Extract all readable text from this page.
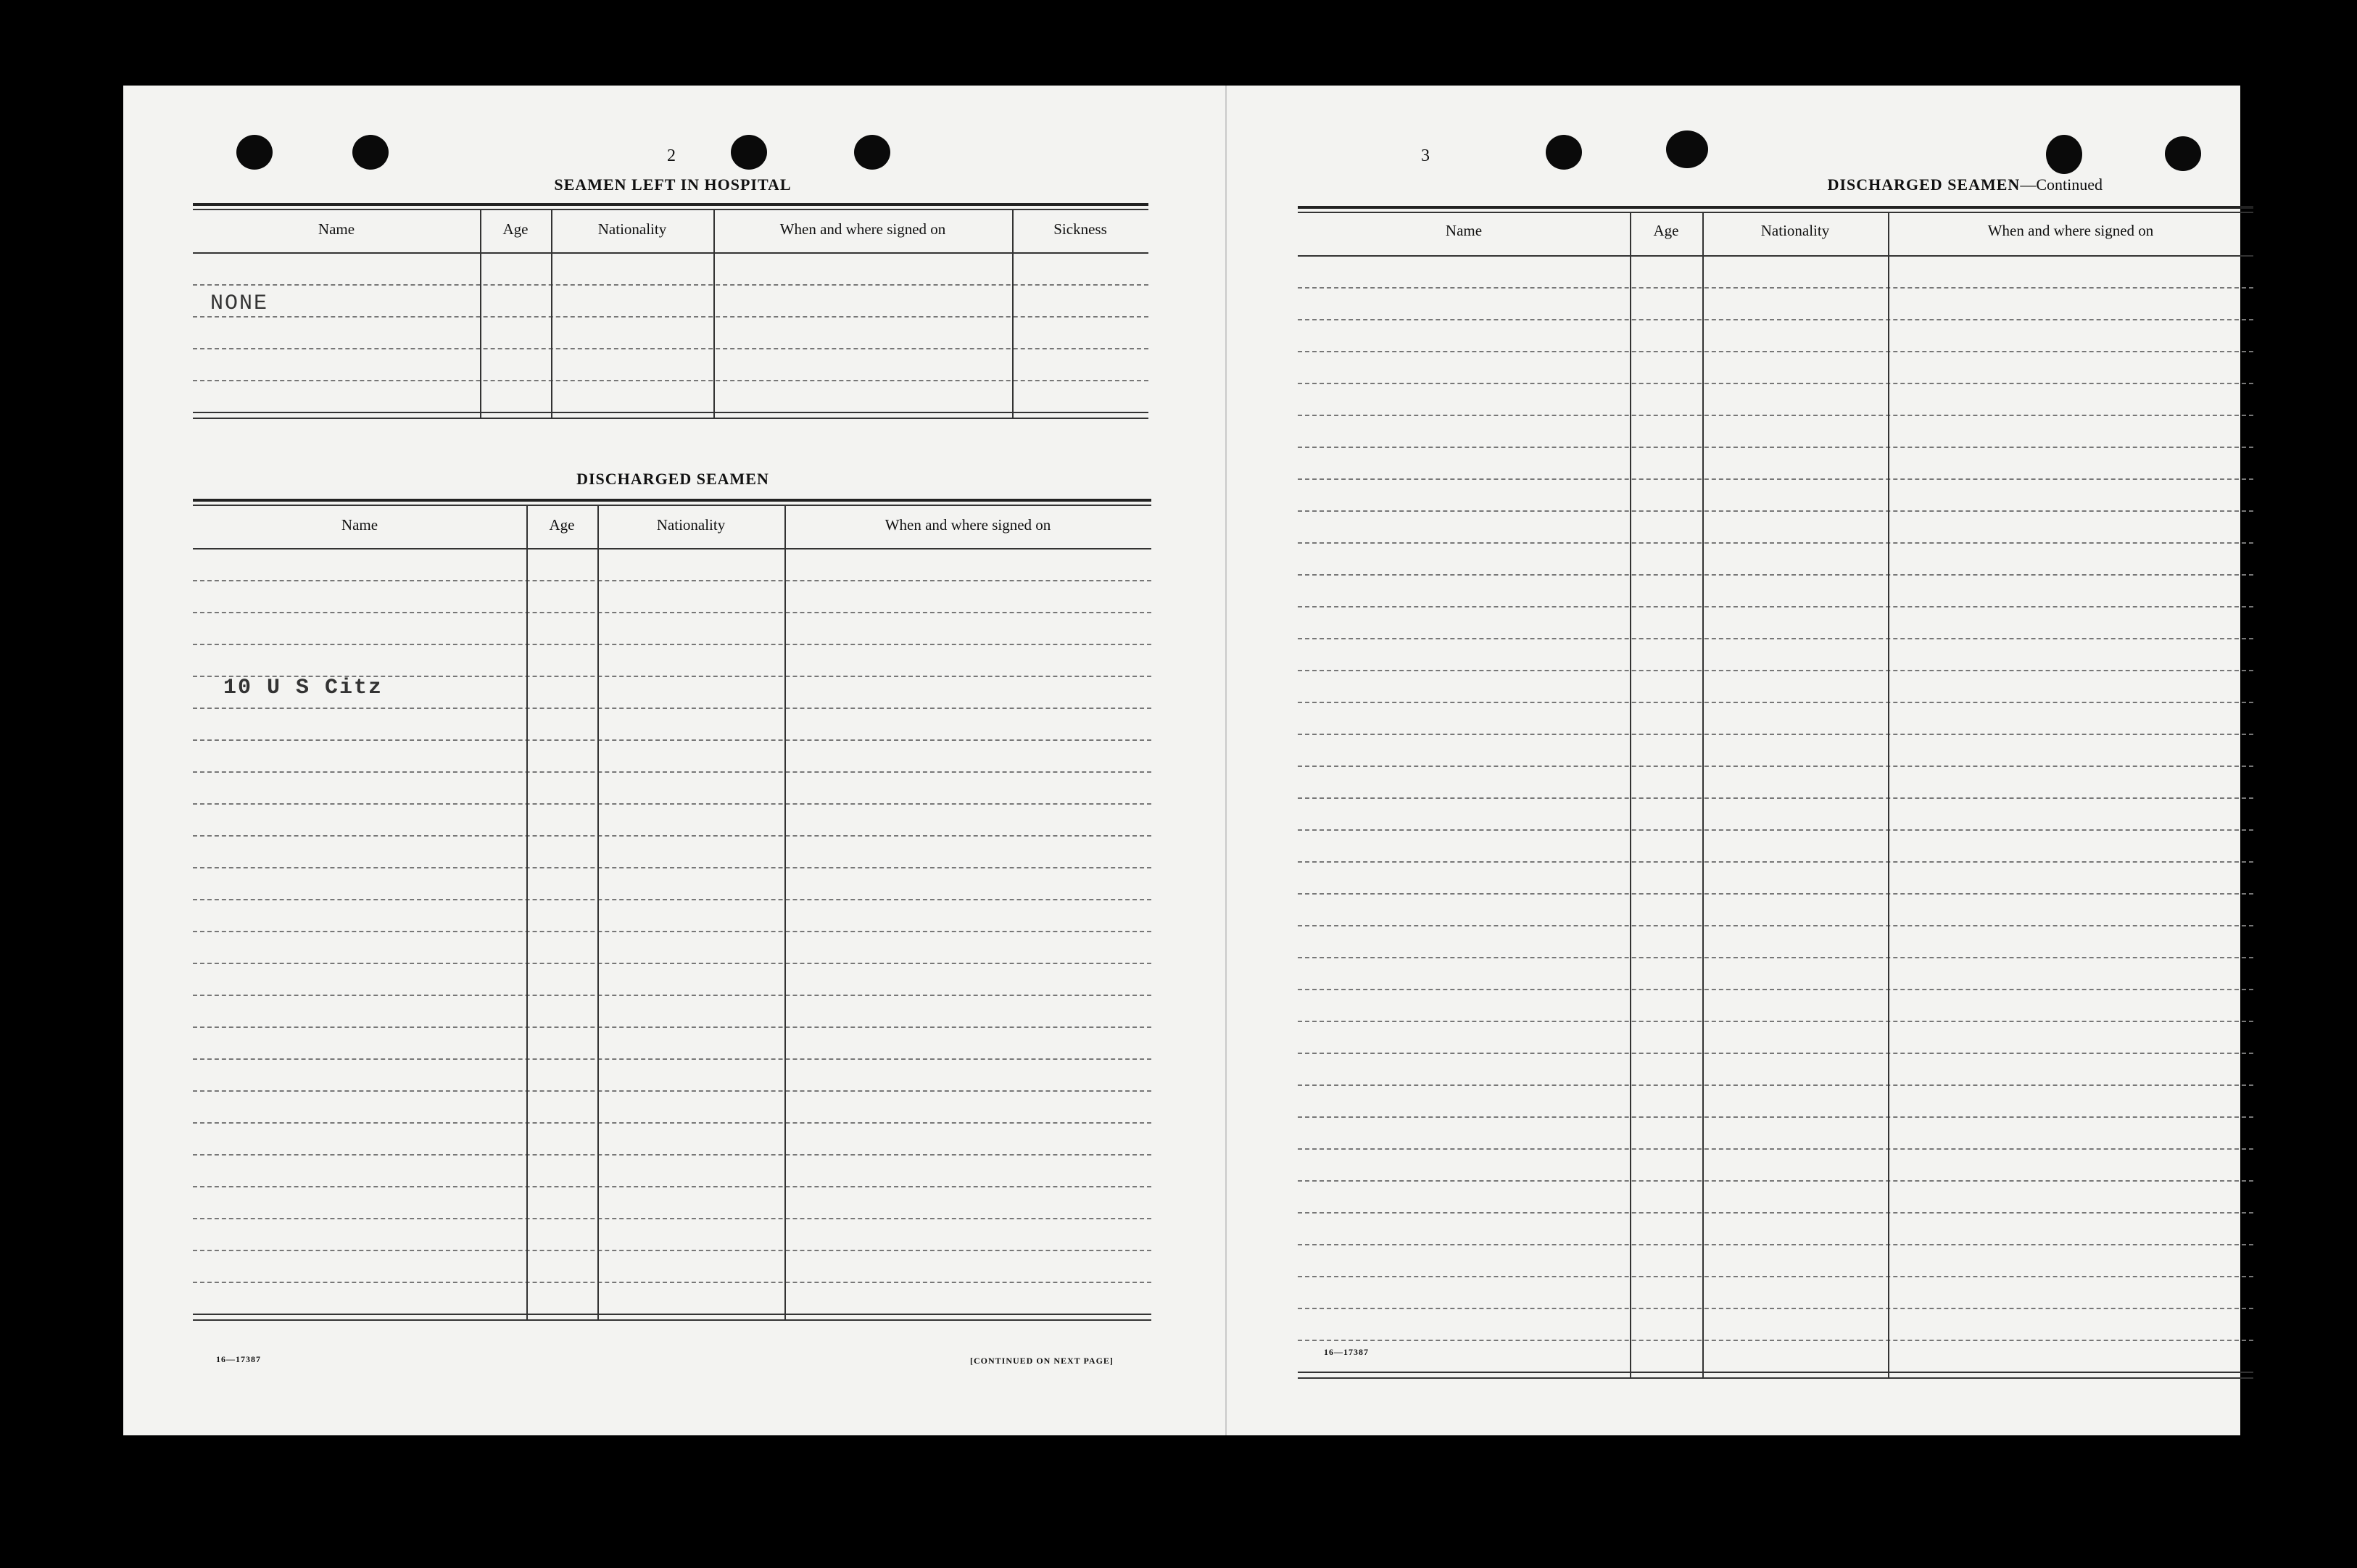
2
SEAMEN LEFT IN HOSPITAL
Name	Age	Nationality	When and where signed on	Sickness
NONE
DISCHARGED SEAMEN
Name	Age	Nationality	When and where signed on
10 U S Citz
16—17387	[CONTINUED ON NEXT PAGE]
3
DISCHARGED SEAMEN—Continued
Name	Age	Nationality	When and where signed on
16—17387
